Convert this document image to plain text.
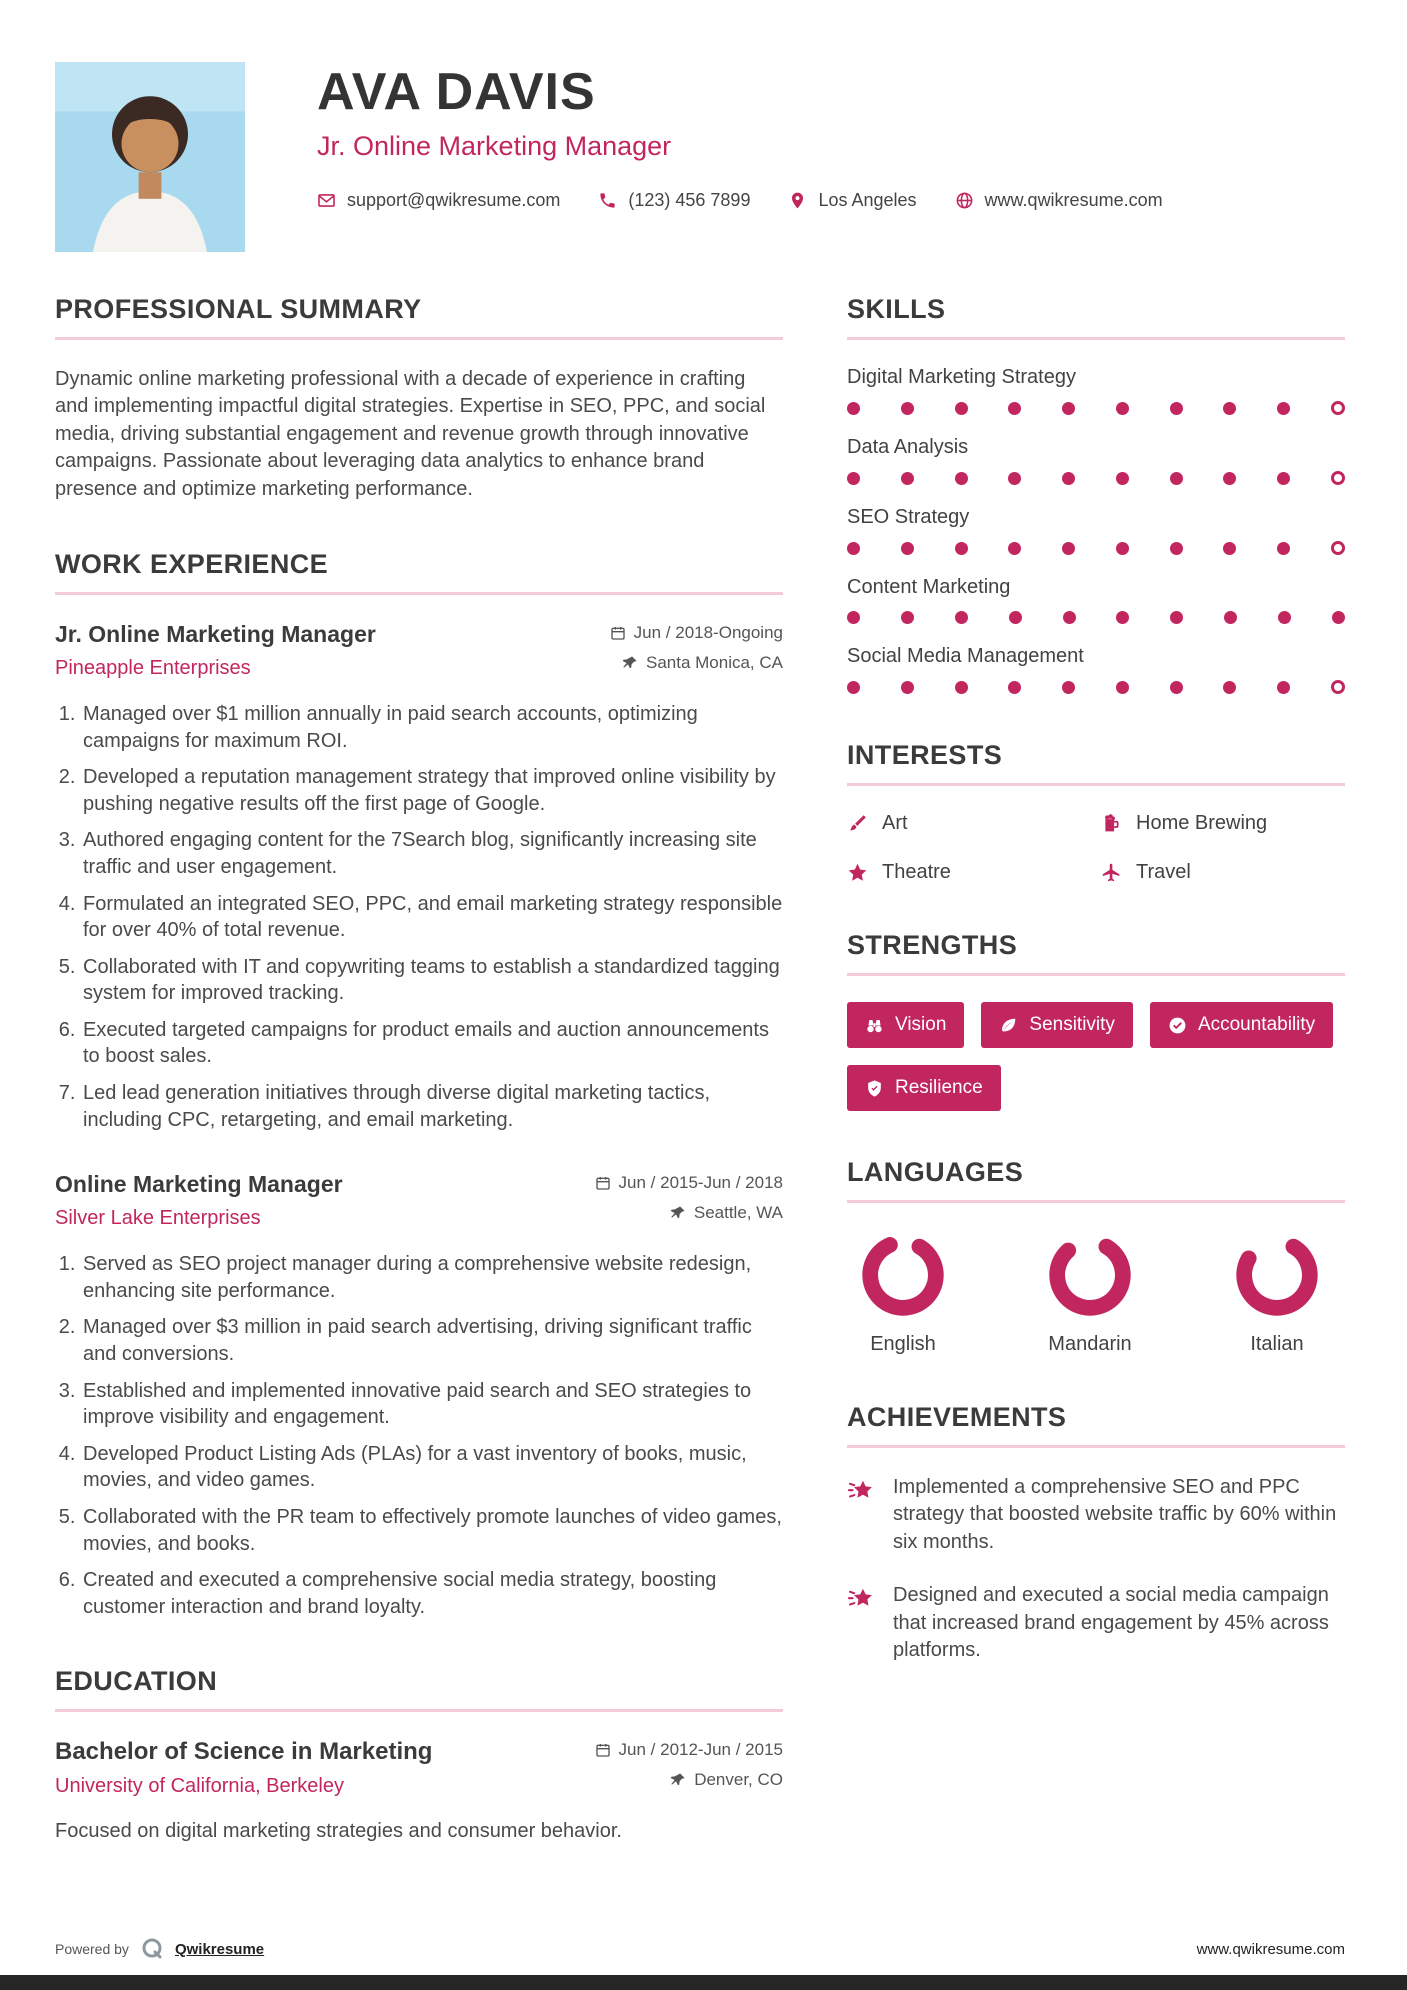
AVA DAVIS
Jr. Online Marketing Manager
support@qwikresume.com	(123) 456 7899	Los Angeles	www.qwikresume.com
PROFESSIONAL SUMMARY

Dynamic online marketing professional with a decade of experience in crafting and implementing impactful digital strategies. Expertise in SEO, PPC, and social media, driving substantial engagement and revenue growth through innovative campaigns. Passionate about leveraging data analytics to enhance brand presence and optimize marketing performance.

WORK EXPERIENCE
Jr. Online Marketing Manager
Pineapple Enterprises
Jun / 2018-Ongoing
Santa Monica, CA
1. Managed over $1 million annually in paid search accounts, optimizing campaigns for maximum ROI.
2. Developed a reputation management strategy that improved online visibility by pushing negative results off the first page of Google.
3. Authored engaging content for the 7Search blog, significantly increasing site traffic and user engagement.
4. Formulated an integrated SEO, PPC, and email marketing strategy responsible for over 40% of total revenue.
5. Collaborated with IT and copywriting teams to establish a standardized tagging system for improved tracking.
6. Executed targeted campaigns for product emails and auction announcements to boost sales.
7. Led lead generation initiatives through diverse digital marketing tactics, including CPC, retargeting, and email marketing.
Online Marketing Manager
Silver Lake Enterprises
Jun / 2015-Jun / 2018
Seattle, WA
1. Served as SEO project manager during a comprehensive website redesign, enhancing site performance.
2. Managed over $3 million in paid search advertising, driving significant traffic and conversions.
3. Established and implemented innovative paid search and SEO strategies to improve visibility and engagement.
4. Developed Product Listing Ads (PLAs) for a vast inventory of books, music, movies, and video games.
5. Collaborated with the PR team to effectively promote launches of video games, movies, and books.
6. Created and executed a comprehensive social media strategy, boosting customer interaction and brand loyalty.
EDUCATION
Bachelor of Science in Marketing
University of California, Berkeley
Jun / 2012-Jun / 2015
Denver, CO

Focused on digital marketing strategies and consumer behavior.

SKILLS
Digital Marketing Strategy
Data Analysis
SEO Strategy
Content Marketing
Social Media Management
INTERESTS
Art	Home Brewing
Theatre	Travel
STRENGTHS
Vision	Sensitivity	Accountability
Resilience
LANGUAGES
English	Mandarin	Italian
ACHIEVEMENTS

Implemented a comprehensive SEO and PPC strategy that boosted website traffic by 60% within six months.

Designed and executed a social media campaign that increased brand engagement by 45% across platforms.

Powered by	Qwikresume	www.qwikresume.com
